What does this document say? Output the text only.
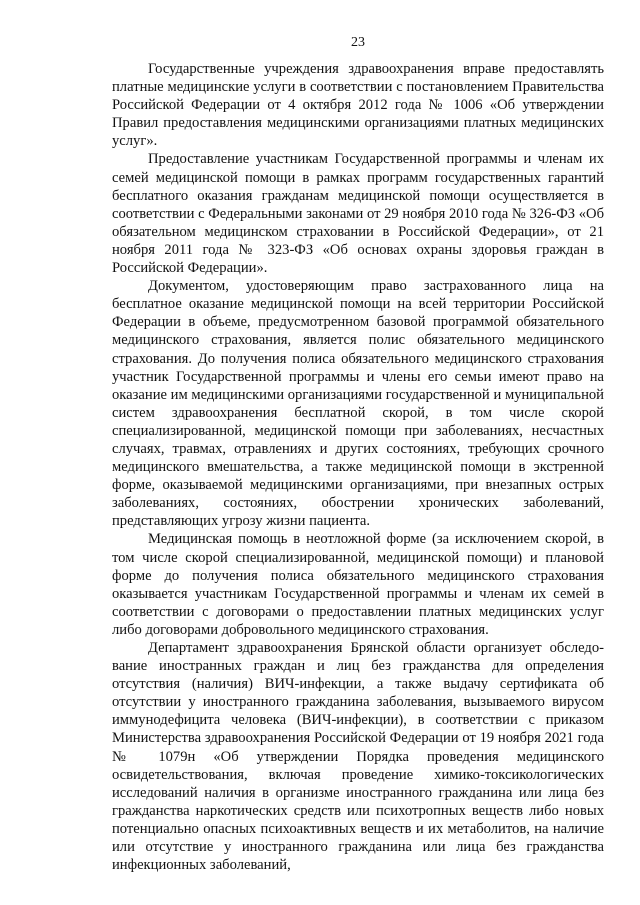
23

Государственные учреждения здравоохранения вправе предоставлять платные медицинские услуги в соответствии с постановлением Правительства Российской Федерации от 4 октября 2012 года № 1006 «Об утверждении Правил предоставления медицинскими организациями платных медицинских услуг».

Предоставление участникам Государственной программы и членам их семей медицинской помощи в рамках программ государственных гарантий бесплатного оказания гражданам медицинской помощи осуществляется в соответствии с Федеральными законами от 29 ноября 2010 года № 326-ФЗ «Об обязательном медицинском страховании в Российской Федерации», от 21 ноября 2011 года № 323-ФЗ «Об основах охраны здоровья граждан в Российской Федерации».

Документом, удостоверяющим право застрахованного лица на бесплатное оказание медицинской помощи на всей территории Российской Федерации в объеме, предусмотренном базовой программой обязательного медицинского страхования, является полис обязательного медицинского страхования. До получения полиса обязательного медицинского страхования участник Государственной программы и члены его семьи имеют право на оказание им медицинскими организациями государственной и муниципальной систем здравоохранения бесплатной скорой, в том числе скорой специализированной, медицинской помощи при заболеваниях, несчастных случаях, травмах, отравлениях и других состояниях, требующих срочного медицинского вмешательства, а также медицинской помощи в экстренной форме, оказываемой медицинскими организациями, при внезапных острых заболеваниях, состояниях, обострении хронических заболеваний, представляющих угрозу жизни пациента.

Медицинская помощь в неотложной форме (за исключением скорой, в том числе скорой специализированной, медицинской помощи) и плановой форме до получения полиса обязательного медицинского страхования оказывается участникам Государственной программы и членам их семей в соответствии с договорами о предоставлении платных медицинских услуг либо договорами добровольного медицинского страхования.

Департамент здравоохранения Брянской области организует обследование иностранных граждан и лиц без гражданства для определения отсутствия (наличия) ВИЧ-инфекции, а также выдачу сертификата об отсутствии у иностранного гражданина заболевания, вызываемого вирусом иммунодефицита человека (ВИЧ-инфекции), в соответствии с приказом Министерства здравоохранения Российской Федерации от 19 ноября 2021 года № 1079н «Об утверждении Порядка проведения медицинского освидетельствования, включая проведение химико-токсикологических исследований наличия в организме иностранного гражданина или лица без гражданства наркотических средств или психотропных веществ либо новых потенциально опасных психоактивных веществ и их метаболитов, на наличие или отсутствие у иностранного гражданина или лица без гражданства инфекционных заболеваний,
